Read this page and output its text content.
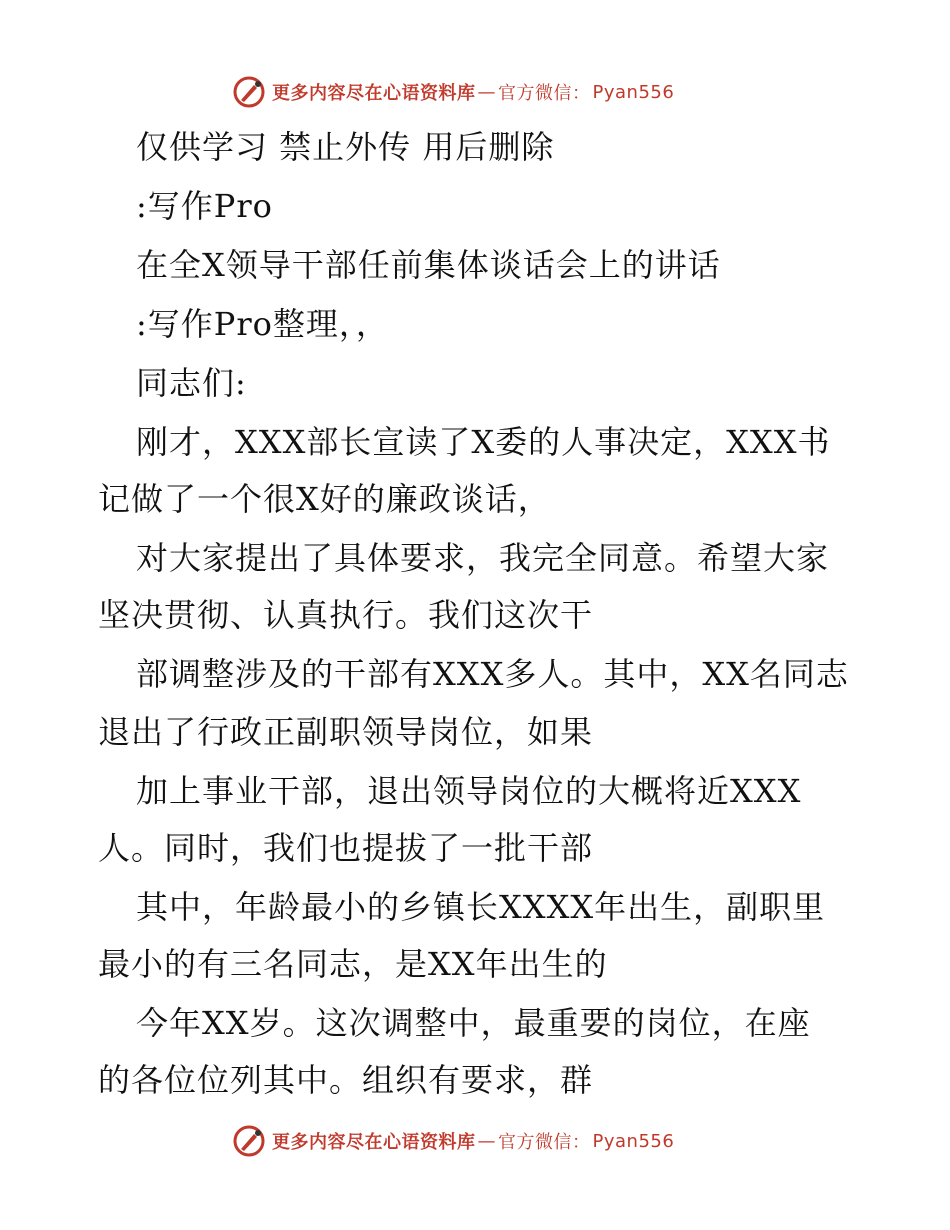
更多内容尽在心语资料库 — 官方微信： Pyan556
仅供学习 禁止外传 用后删除
:写作Pro
在全X领导干部任前集体谈话会上的讲话
:写作Pro整理，，
同志们:
刚才，XXX部长宣读了X委的人事决定，XXX书
记做了一个很X好的廉政谈话，
对大家提出了具体要求，我完全同意。希望大家
坚决贯彻、认真执行。我们这次干
部调整涉及的干部有XXX多人。其中，XX名同志
退出了行政正副职领导岗位，如果
加上事业干部，退出领导岗位的大概将近XXX
人。同时，我们也提拔了一批干部
其中，年龄最小的乡镇长XXXX年出生，副职里
最小的有三名同志，是XX年出生的
今年XX岁。这次调整中，最重要的岗位，在座
的各位位列其中。组织有要求，群
更多内容尽在心语资料库 — 官方微信： Pyan556
